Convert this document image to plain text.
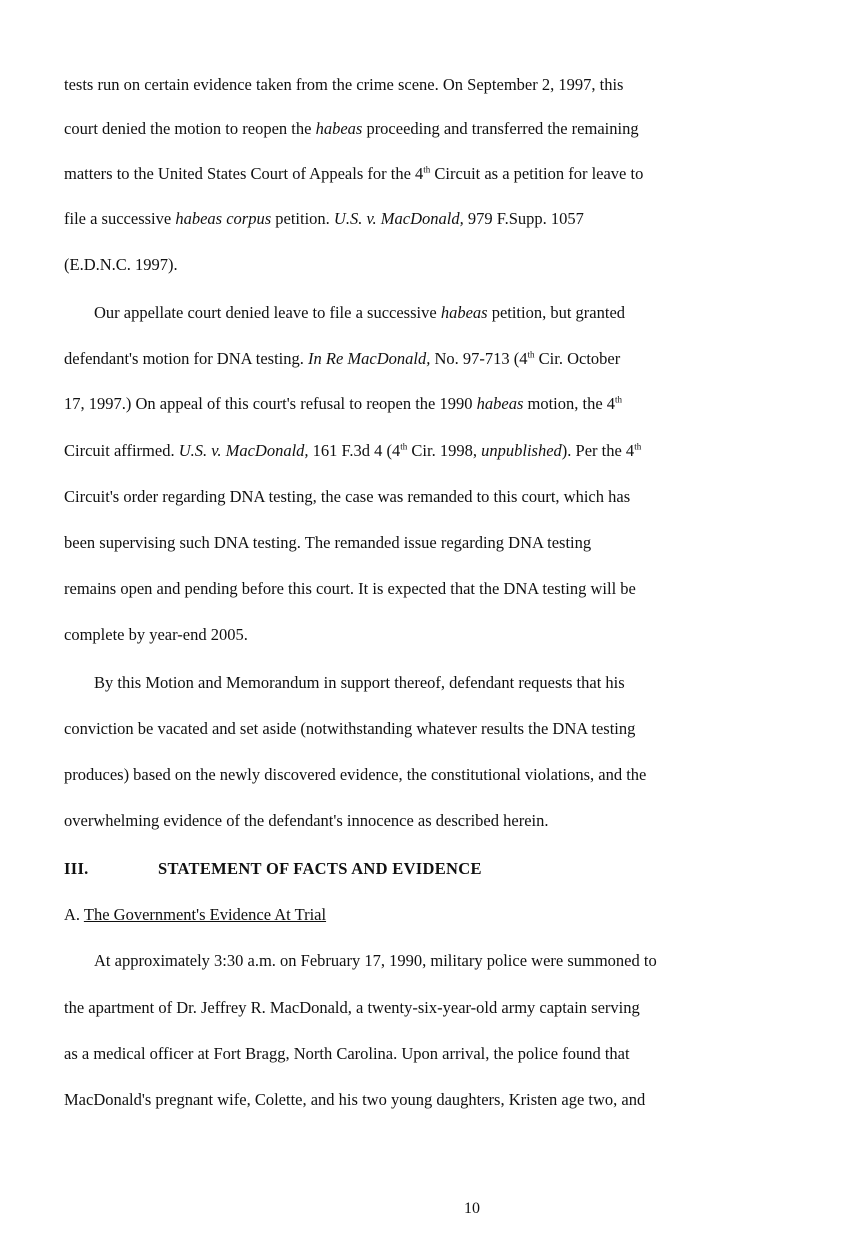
tests run on certain evidence taken from the crime scene. On September 2, 1997, this
court denied the motion to reopen the habeas proceeding and transferred the remaining
matters to the United States Court of Appeals for the 4th Circuit as a petition for leave to
file a successive habeas corpus petition. U.S. v. MacDonald, 979 F.Supp. 1057
(E.D.N.C. 1997).
Our appellate court denied leave to file a successive habeas petition, but granted
defendant's motion for DNA testing. In Re MacDonald, No. 97-713 (4th Cir. October
17, 1997.) On appeal of this court's refusal to reopen the 1990 habeas motion, the 4th
Circuit affirmed. U.S. v. MacDonald, 161 F.3d 4 (4th Cir. 1998, unpublished). Per the 4th
Circuit's order regarding DNA testing, the case was remanded to this court, which has
been supervising such DNA testing. The remanded issue regarding DNA testing
remains open and pending before this court. It is expected that the DNA testing will be
complete by year-end 2005.
By this Motion and Memorandum in support thereof, defendant requests that his
conviction be vacated and set aside (notwithstanding whatever results the DNA testing
produces) based on the newly discovered evidence, the constitutional violations, and the
overwhelming evidence of the defendant's innocence as described herein.
III.	STATEMENT OF FACTS AND EVIDENCE
A. The Government's Evidence At Trial
At approximately 3:30 a.m. on February 17, 1990, military police were summoned to
the apartment of Dr. Jeffrey R. MacDonald, a twenty-six-year-old army captain serving
as a medical officer at Fort Bragg, North Carolina. Upon arrival, the police found that
MacDonald's pregnant wife, Colette, and his two young daughters, Kristen age two, and
10
